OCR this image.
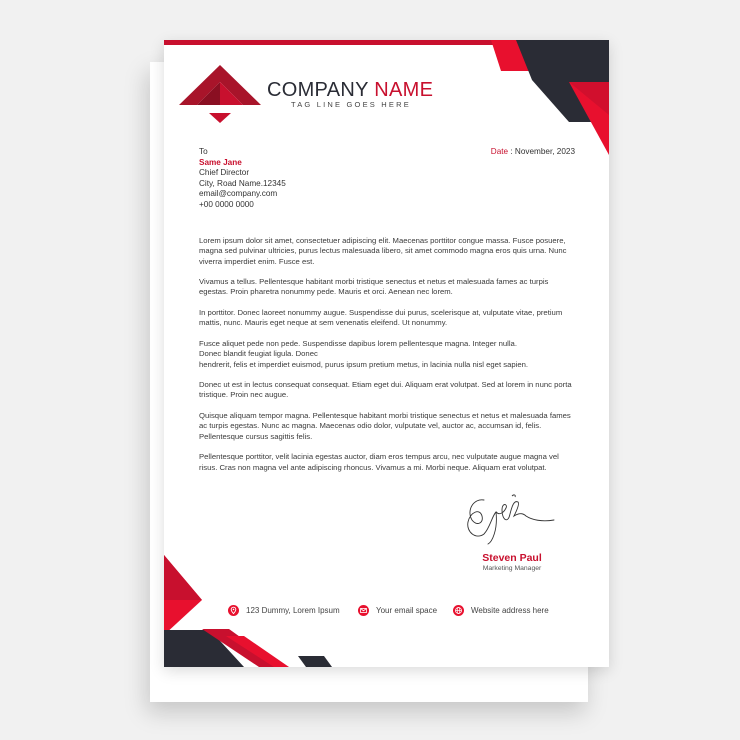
COMPANY NAME
TAG LINE GOES HERE
To
Same Jane
Chief Director
City, Road Name.12345
email@company.com
+00 0000 0000
Date : November, 2023

Lorem ipsum dolor sit amet, consectetuer adipiscing elit. Maecenas porttitor congue massa. Fusce posuere, magna sed pulvinar ultricies, purus lectus malesuada libero, sit amet commodo magna eros quis urna. Nunc viverra imperdiet enim. Fusce est.

Vivamus a tellus. Pellentesque habitant morbi tristique senectus et netus et malesuada fames ac turpis egestas. Proin pharetra nonummy pede. Mauris et orci. Aenean nec lorem.

In porttitor. Donec laoreet nonummy augue. Suspendisse dui purus, scelerisque at, vulputate vitae, pretium mattis, nunc. Mauris eget neque at sem venenatis eleifend. Ut nonummy.

Fusce aliquet pede non pede. Suspendisse dapibus lorem pellentesque magna. Integer nulla.
Donec blandit feugiat ligula. Donec
hendrerit, felis et imperdiet euismod, purus ipsum pretium metus, in lacinia nulla nisl eget sapien.

Donec ut est in lectus consequat consequat. Etiam eget dui. Aliquam erat volutpat. Sed at lorem in nunc porta tristique. Proin nec augue.

Quisque aliquam tempor magna. Pellentesque habitant morbi tristique senectus et netus et malesuada fames ac turpis egestas. Nunc ac magna. Maecenas odio dolor, vulputate vel, auctor ac, accumsan id, felis. Pellentesque cursus sagittis felis.

Pellentesque porttitor, velit lacinia egestas auctor, diam eros tempus arcu, nec vulputate augue magna vel risus. Cras non magna vel ante adipiscing rhoncus. Vivamus a mi. Morbi neque. Aliquam erat volutpat.

Steven Paul
Marketing Manager
123 Dummy, Lorem Ipsum	Your email space	Website address here
